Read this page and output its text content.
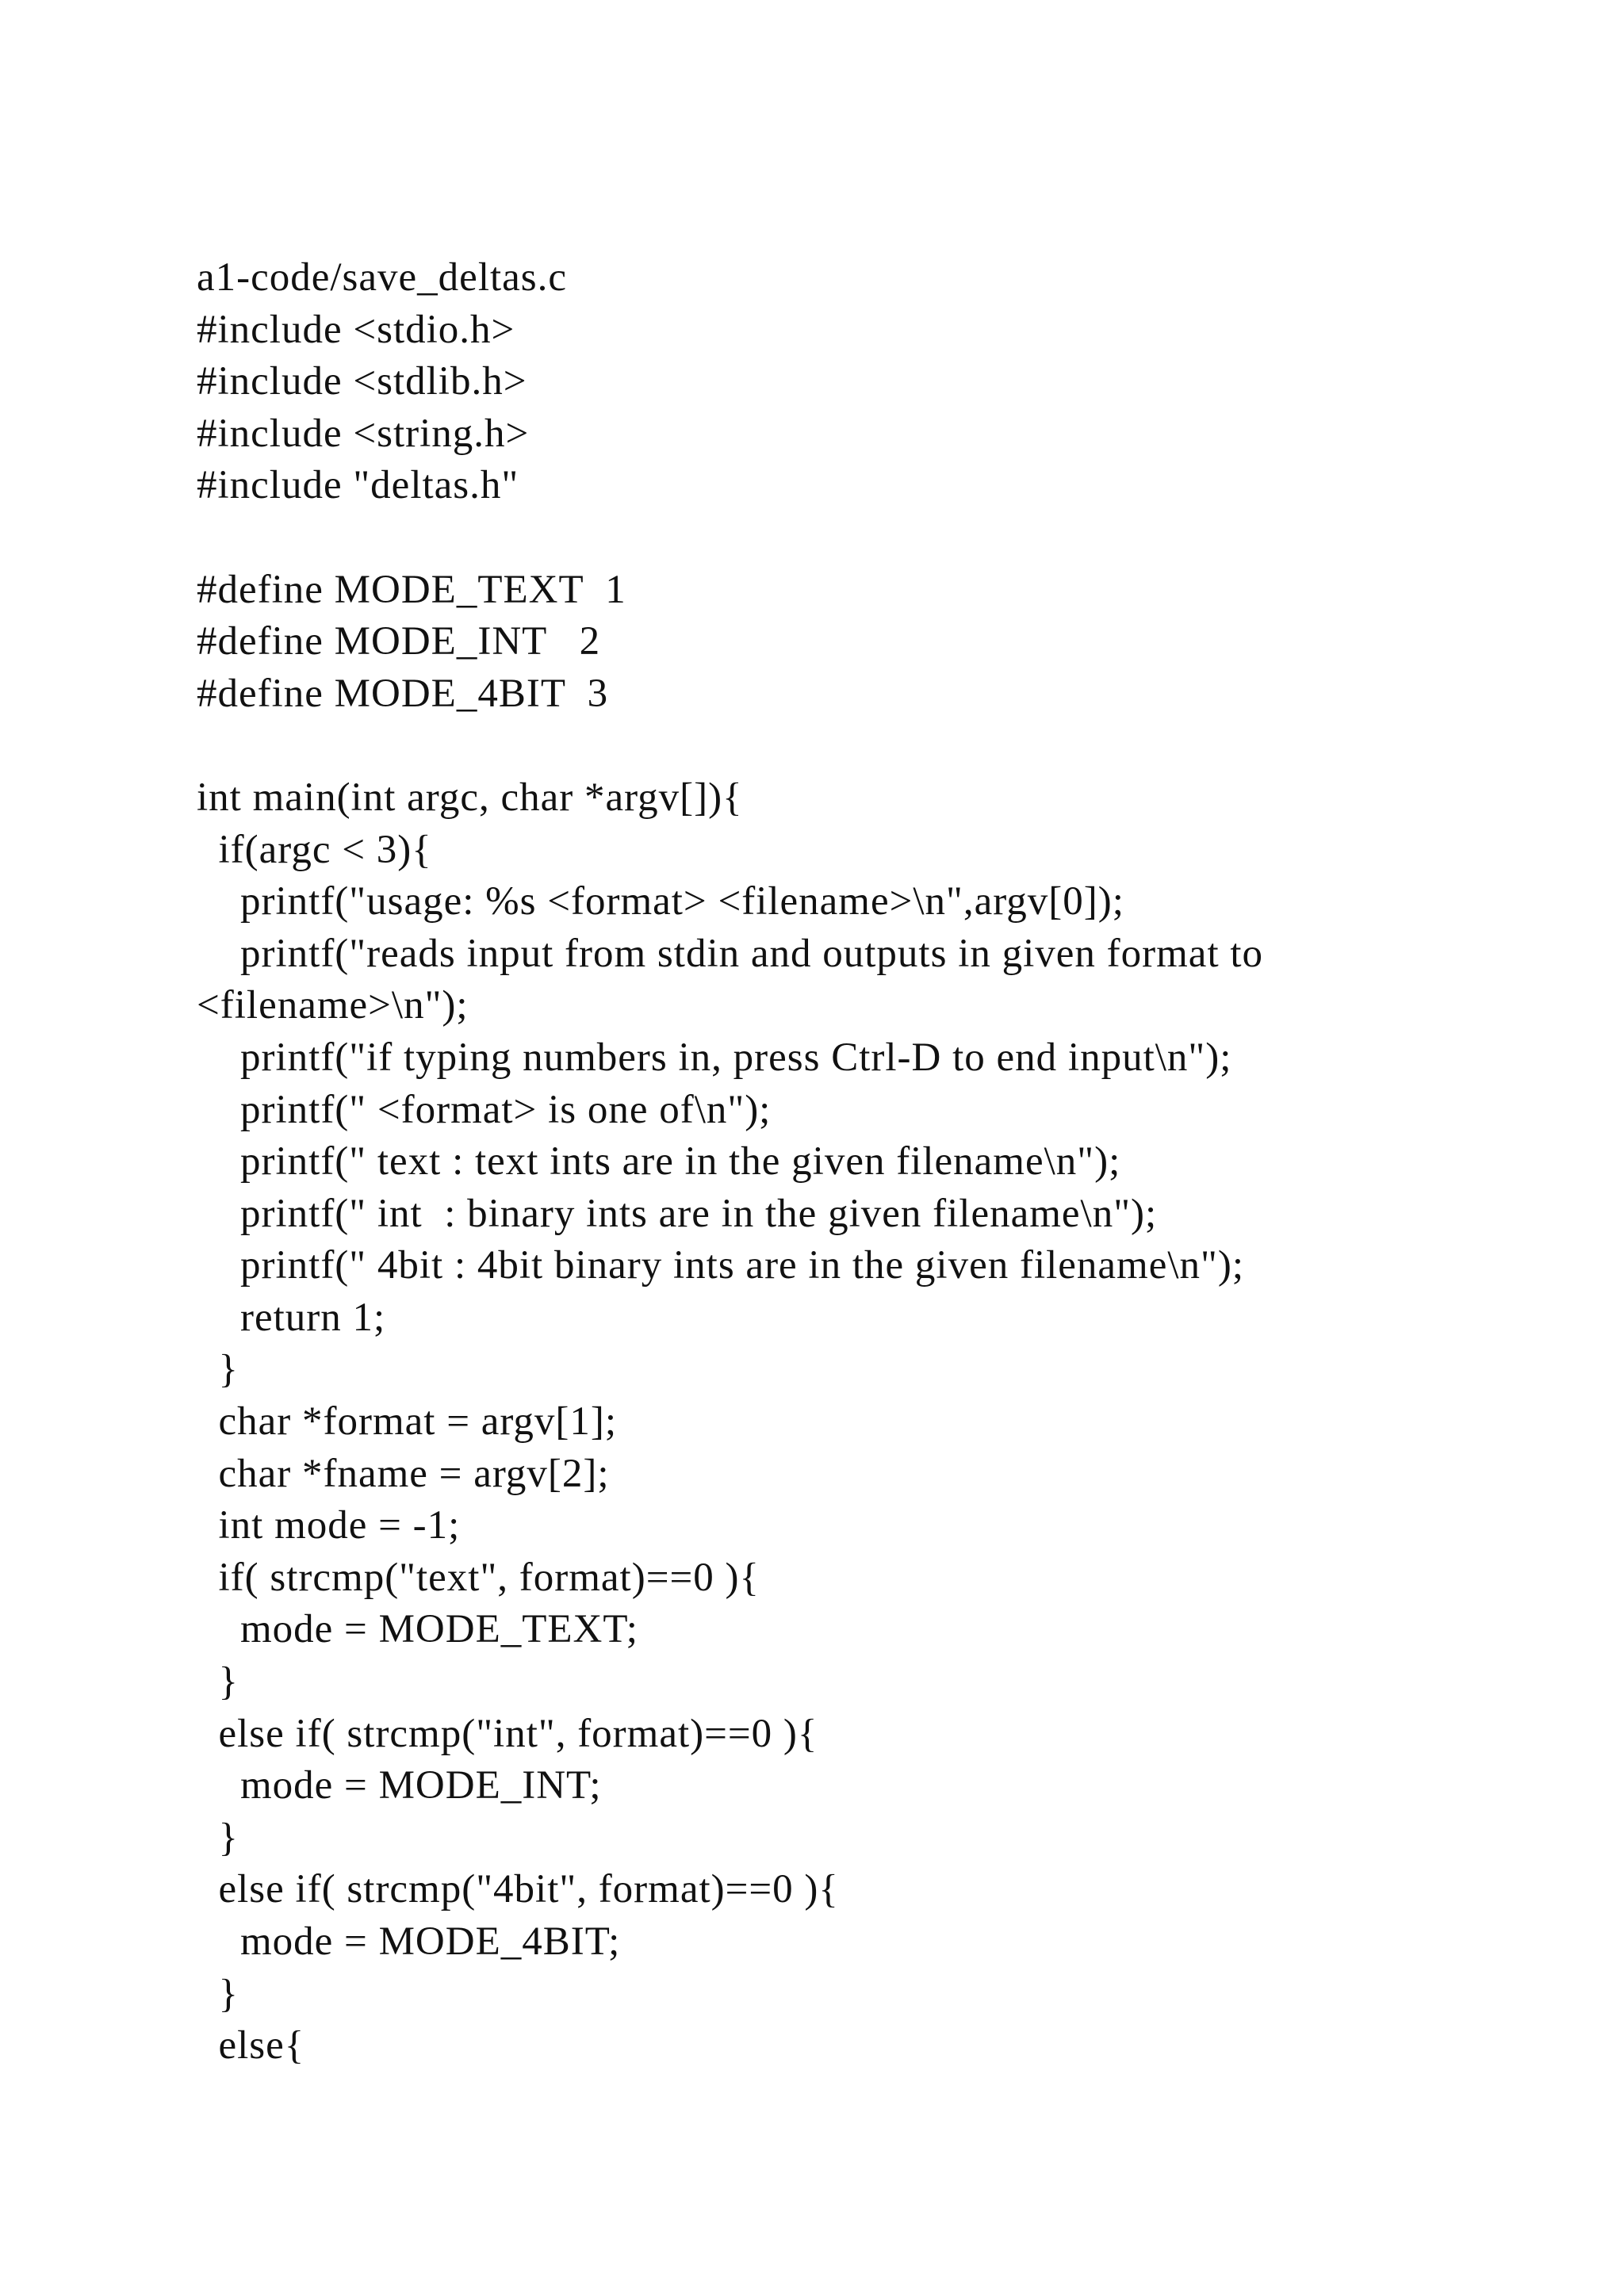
a1-code/save_deltas.c
#include <stdio.h>
#include <stdlib.h>
#include <string.h>
#include "deltas.h"
#define MODE_TEXT  1
#define MODE_INT   2
#define MODE_4BIT  3
int main(int argc, char *argv[]){
if(argc < 3){
printf("usage: %s <format> <filename>\n",argv[0]);
printf("reads input from stdin and outputs in given format to
<filename>\n");
printf("if typing numbers in, press Ctrl-D to end input\n");
printf(" <format> is one of\n");
printf(" text : text ints are in the given filename\n");
printf(" int  : binary ints are in the given filename\n");
printf(" 4bit : 4bit binary ints are in the given filename\n");
return 1;
}
char *format = argv[1];
char *fname = argv[2];
int mode = -1;
if( strcmp("text", format)==0 ){
mode = MODE_TEXT;
}
else if( strcmp("int", format)==0 ){
mode = MODE_INT;
}
else if( strcmp("4bit", format)==0 ){
mode = MODE_4BIT;
}
else{
